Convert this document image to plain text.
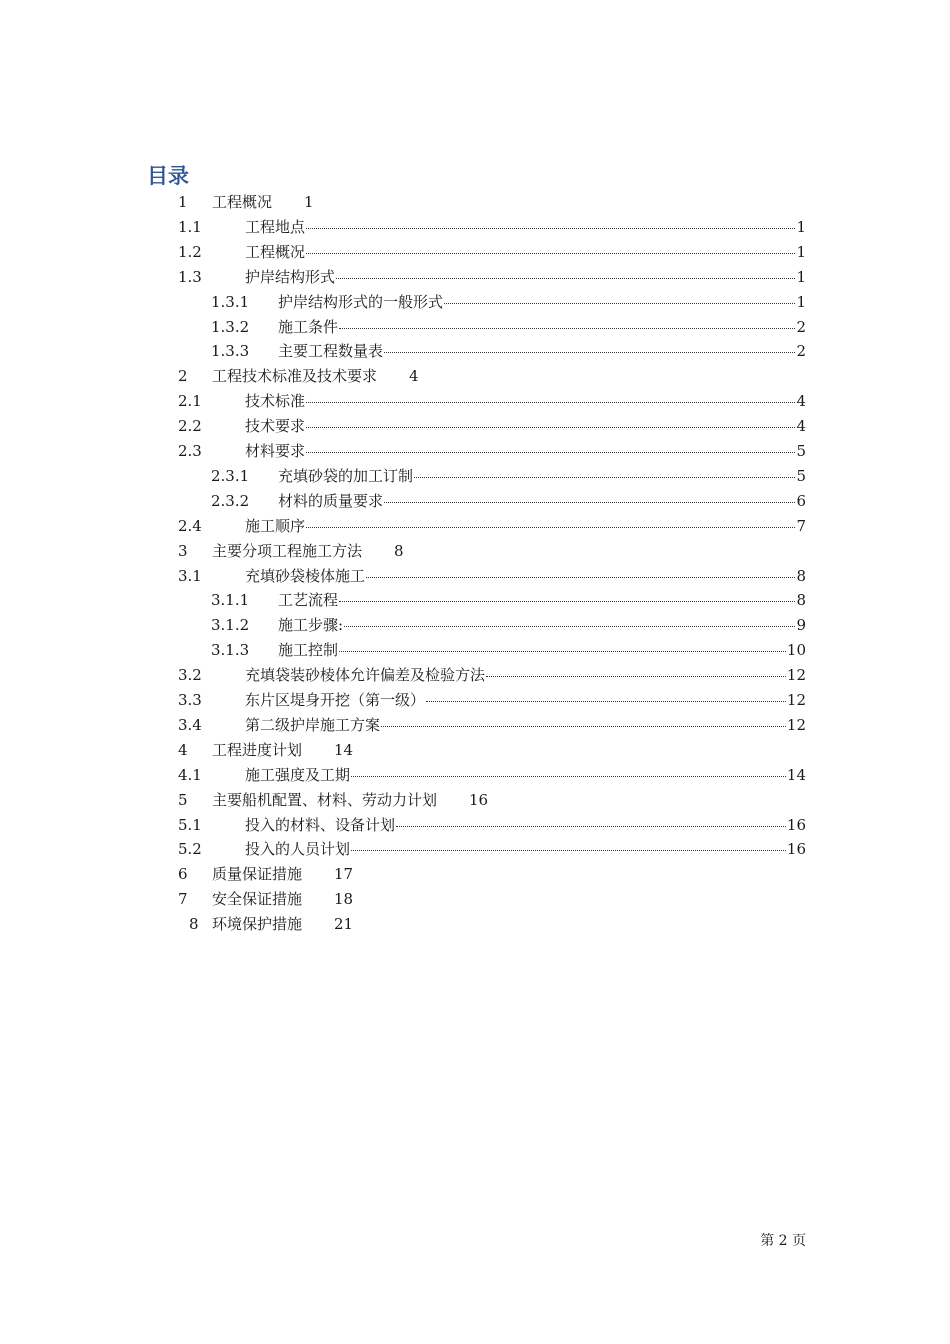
目录
1	工程概况 1
1.1	工程地点	1
1.2	工程概况	1
1.3	护岸结构形式	1
1.3.1	护岸结构形式的一般形式	1
1.3.2	施工条件	2
1.3.3	主要工程数量表	2
2	工程技术标准及技术要求 4
2.1	技术标准	4
2.2	技术要求	4
2.3	材料要求	5
2.3.1	充填砂袋的加工订制	5
2.3.2	材料的质量要求	6
2.4	施工顺序	7
3	主要分项工程施工方法 8
3.1	充填砂袋棱体施工	8
3.1.1	工艺流程	8
3.1.2	施工步骤:	9
3.1.3	施工控制	10
3.2	充填袋装砂棱体允许偏差及检验方法	12
3.3	东片区堤身开挖（第一级）	12
3.4	第二级护岸施工方案	12
4	工程进度计划 14
4.1	施工强度及工期	14
5	主要船机配置、材料、劳动力计划 16
5.1	投入的材料、设备计划	16
5.2	投入的人员计划	16
6	质量保证措施 17
7	安全保证措施 18
8 环境保护措施 21
第 2 页
